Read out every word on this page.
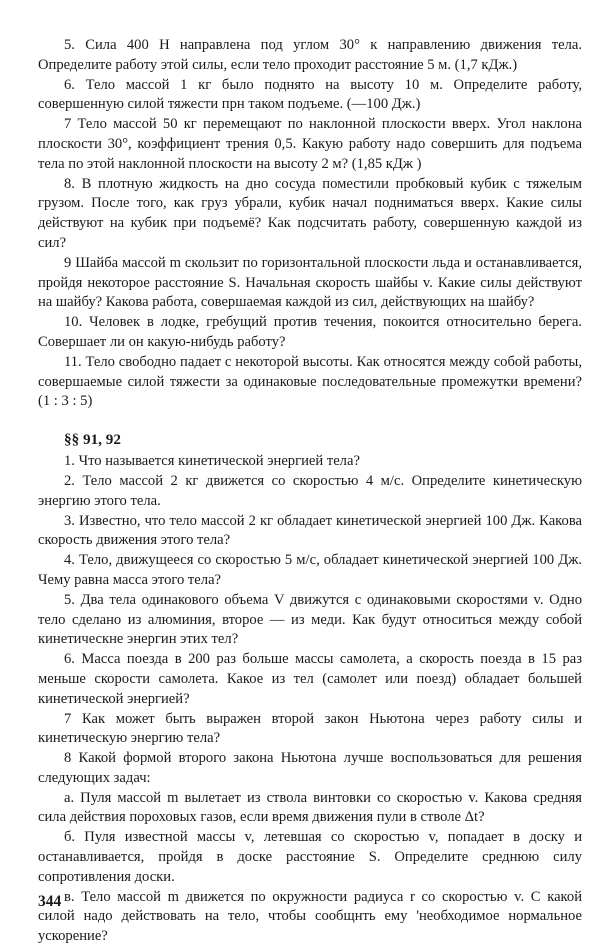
5. Сила 400 Н направлена под углом 30° к направлению движения тела. Определите работу этой силы, если тело проходит расстояние 5 м. (1,7 кДж.)

6. Тело массой 1 кг было поднято на высоту 10 м. Определите работу, совершенную силой тяжести прн таком подъеме. (—100 Дж.)

7 Тело массой 50 кг перемещают по наклонной плоскости вверх. Угол наклона плоскости 30°, коэффициент трения 0,5. Какую работу надо совершить для подъема тела по этой наклонной плоскости на высоту 2 м? (1,85 кДж )

8. В плотную жидкость на дно сосуда поместили пробковый кубик с тяжелым грузом. После того, как груз убрали, кубик начал подниматься вверх. Какие силы действуют на кубик при подъемё? Как подсчитать работу, совершенную каждой из сил?

9 Шайба массой m скользит по горизонтальной плоскости льда и останавливается, пройдя некоторое расстояние S. Начальная скорость шайбы v. Какие силы действуют на шайбу? Какова работа, совершаемая каждой из сил, действующих на шайбу?

10. Человек в лодке, гребущий против течения, покоится относительно берега. Совершает ли он какую-нибудь работу?

11. Тело свободно падает с некоторой высоты. Как относятся между собой работы, совершаемые силой тяжести за одинаковые последовательные промежутки времени? (1 : 3 : 5)

§§ 91, 92

1. Что называется кинетической энергией тела?

2. Тело массой 2 кг движется со скоростью 4 м/с. Определите кинетическую энергию этого тела.

3. Известно, что тело массой 2 кг обладает кинетической энергией 100 Дж. Какова скорость движения этого тела?

4. Тело, движущееся со скоростью 5 м/с, обладает кинетической энергией 100 Дж. Чему равна масса этого тела?

5. Два тела одинакового объема V движутся с одинаковыми скоростями v. Одно тело сделано из алюминия, второе — из меди. Как будут относиться между собой кинетическне энергин этих тел?

6. Масса поезда в 200 раз больше массы самолета, а скорость поезда в 15 раз меньше скорости самолета. Какое из тел (самолет или поезд) обладает большей кинетической энергией?

7 Как может быть выражен второй закон Ньютона через работу силы и кинетическую энергию тела?

8 Какой формой второго закона Ньютона лучше воспользоваться для решения следующих задач:

а. Пуля массой m вылетает из ствола винтовки со скоростью v. Какова средняя сила действия пороховых газов, если время движения пули в стволе Δt?

б. Пуля известной массы v, летевшая со скоростью v, попадает в доску и останавливается, пройдя в доске расстояние S. Определите среднюю силу сопротивления доски.

в. Тело массой m движется по окружности радиуса r со скоростью v. С какой силой надо действовать на тело, чтобы сообщнть ему 'необходимое нормальное ускорение?

344
